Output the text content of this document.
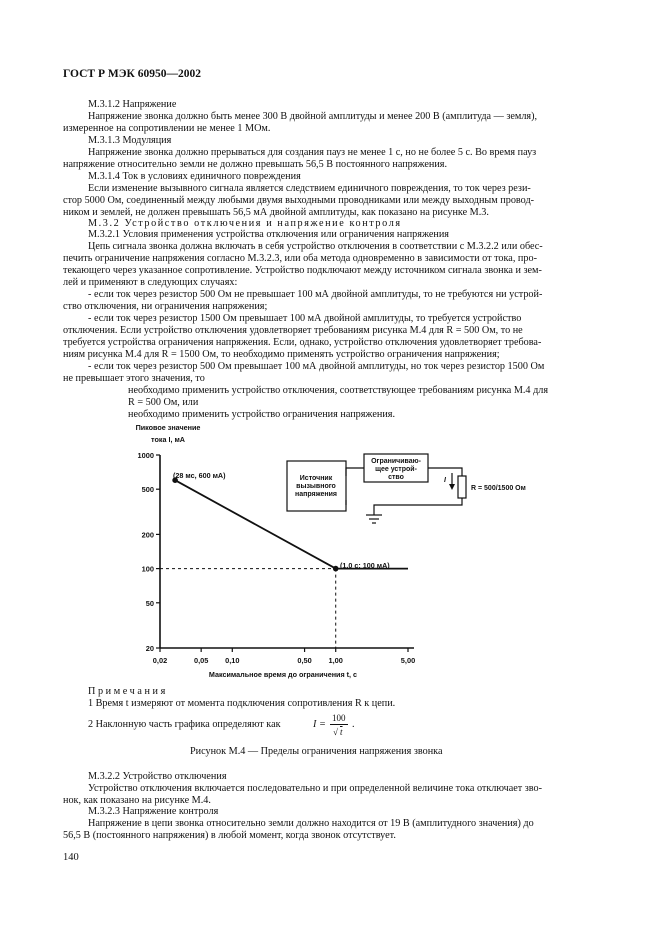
ГОСТ Р МЭК 60950—2002
М.3.1.2 Напряжение
Напряжение звонка должно быть менее 300 В двойной амплитуды и менее 200 В (амплитуда — земля),
измеренное на сопротивлении не менее 1 МОм.
М.3.1.3 Модуляция
Напряжение звонка должно прерываться для создания пауз не менее 1 с, но не более 5 с. Во время пауз
напряжение относительно земли не должно превышать 56,5 В постоянного напряжения.
М.3.1.4 Ток в условиях единичного повреждения
Если изменение вызывного сигнала является следствием единичного повреждения, то ток через рези-
стор 5000 Ом, соединенный между любыми двумя выходными проводниками или между выходным провод-
ником и землей, не должен превышать 56,5 мА двойной амплитуды, как показано на рисунке М.3.
М.3.2 Устройство отключения и напряжение контроля
М.3.2.1 Условия применения устройства отключения или ограничения напряжения
Цепь сигнала звонка должна включать в себя устройство отключения в соответствии с М.3.2.2 или обес-
печить ограничение напряжения согласно М.3.2.3, или оба метода одновременно в зависимости от тока, про-
текающего через указанное сопротивление. Устройство подключают между источником сигнала звонка и зем-
лей и применяют в следующих случаях:
- если ток через резистор 500 Ом не превышает 100 мА двойной амплитуды, то не требуются ни устрой-
ство отключения, ни ограничения напряжения;
- если ток через резистор 1500 Ом превышает 100 мА двойной амплитуды, то требуется устройство
отключения. Если устройство отключения удовлетворяет требованиям рисунка М.4 для R = 500 Ом, то не
требуется устройства ограничения напряжения. Если, однако, устройство отключения удовлетворяет требова-
ниям рисунка М.4 для R = 1500 Ом, то необходимо применять устройство ограничения напряжения;
- если ток через резистор 500 Ом превышает 100 мА двойной амплитуды, но ток через резистор 1500 Ом
не превышает этого значения, то
необходимо применить устройство отключения, соответствующее требованиям рисунка М.4 для
R = 500 Ом, или
необходимо применить устройство ограничения напряжения.
Пиковое значение
тока I, мА
Максимальное время до ограничения t, с
20
50
100
200
500
1000
0,02	0,05 0,10	0,50 1,00	5,00
(28 мс, 600 мА)
(1,0 с; 100 мА)
Источник
вызывного
напряжения
Ограничиваю-
щее устрой-
ство	I
R = 500/1500 Ом
Примечания
1 Время t измеряют от момента подключения сопротивления R к цепи.
2 Наклонную часть графика определяют как	I =
100
√ t
.
Рисунок М.4 — Пределы ограничения напряжения звонка
М.3.2.2 Устройство отключения
Устройство отключения включается последовательно и при определенной величине тока отключает зво-
нок, как показано на рисунке М.4.
М.3.2.3 Напряжение контроля
Напряжение в цепи звонка относительно земли должно находится от 19 В (амплитудного значения) до
56,5 В (постоянного напряжения) в любой момент, когда звонок отсутствует.
140
